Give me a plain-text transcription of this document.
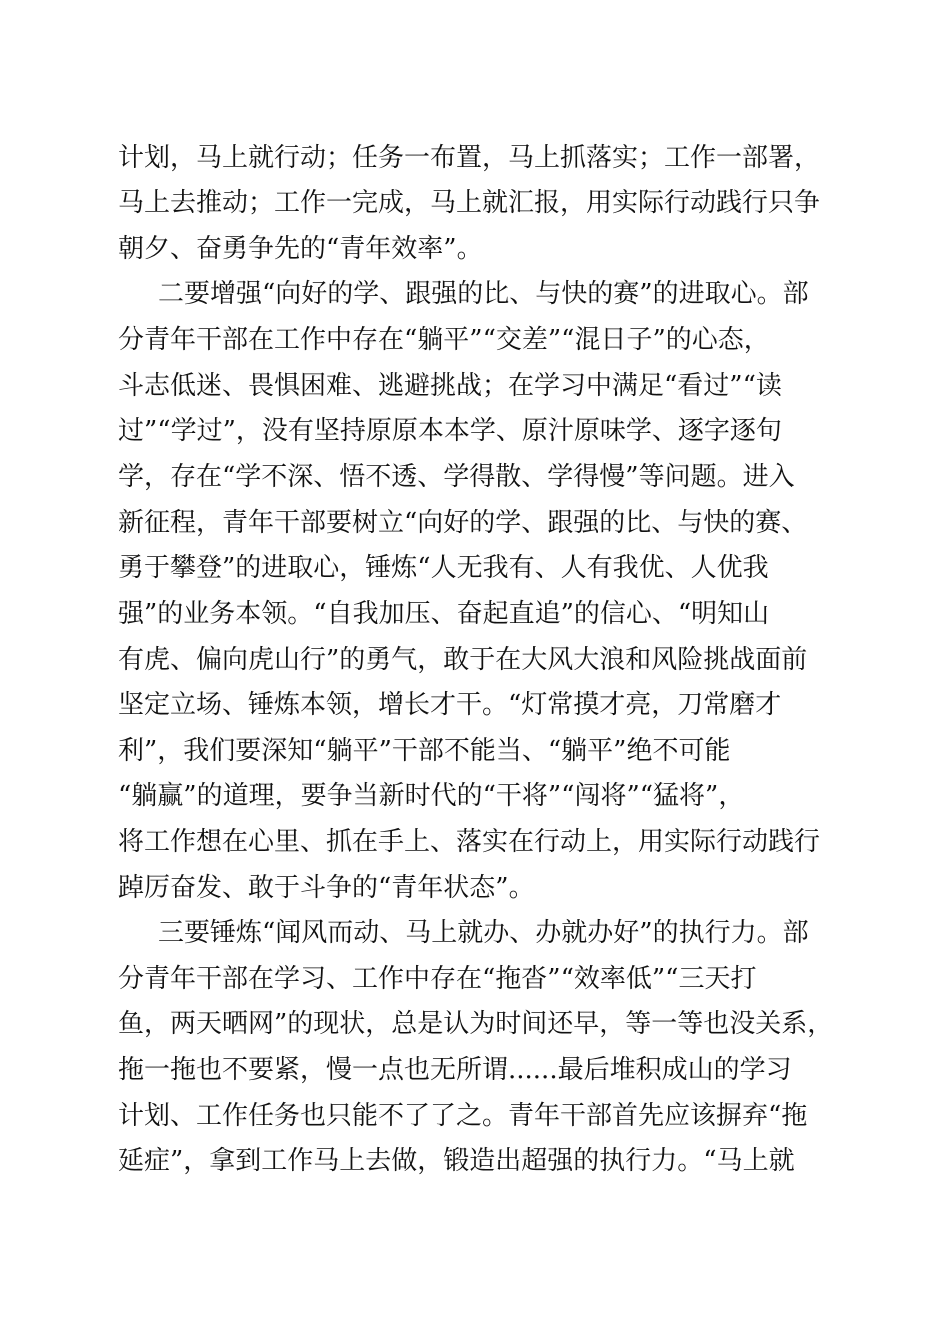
计划，马上就行动；任务一布置，马上抓落实；工作一部署，
马上去推动；工作一完成，马上就汇报，用实际行动践行只争
朝夕、奋勇争先的“青年效率”。
二要增强“向好的学、跟强的比、与快的赛”的进取心。部
分青年干部在工作中存在“躺平”“交差”“混日子”的心态，
斗志低迷、畏惧困难、逃避挑战；在学习中满足“看过”“读
过”“学过”，没有坚持原原本本学、原汁原味学、逐字逐句
学，存在“学不深、悟不透、学得散、学得慢”等问题。进入
新征程，青年干部要树立“向好的学、跟强的比、与快的赛、
勇于攀登”的进取心，锤炼“人无我有、人有我优、人优我
强”的业务本领。“自我加压、奋起直追”的信心、“明知山
有虎、偏向虎山行”的勇气，敢于在大风大浪和风险挑战面前
坚定立场、锤炼本领，增长才干。“灯常摸才亮，刀常磨才
利”，我们要深知“躺平”干部不能当、“躺平”绝不可能
“躺赢”的道理，要争当新时代的“干将”“闯将”“猛将”，
将工作想在心里、抓在手上、落实在行动上，用实际行动践行
踔厉奋发、敢于斗争的“青年状态”。
三要锤炼“闻风而动、马上就办、办就办好”的执行力。部
分青年干部在学习、工作中存在“拖沓”“效率低”“三天打
鱼，两天晒网”的现状，总是认为时间还早，等一等也没关系，
拖一拖也不要紧，慢一点也无所谓......最后堆积成山的学习
计划、工作任务也只能不了了之。青年干部首先应该摒弃“拖
延症”，拿到工作马上去做，锻造出超强的执行力。“马上就
